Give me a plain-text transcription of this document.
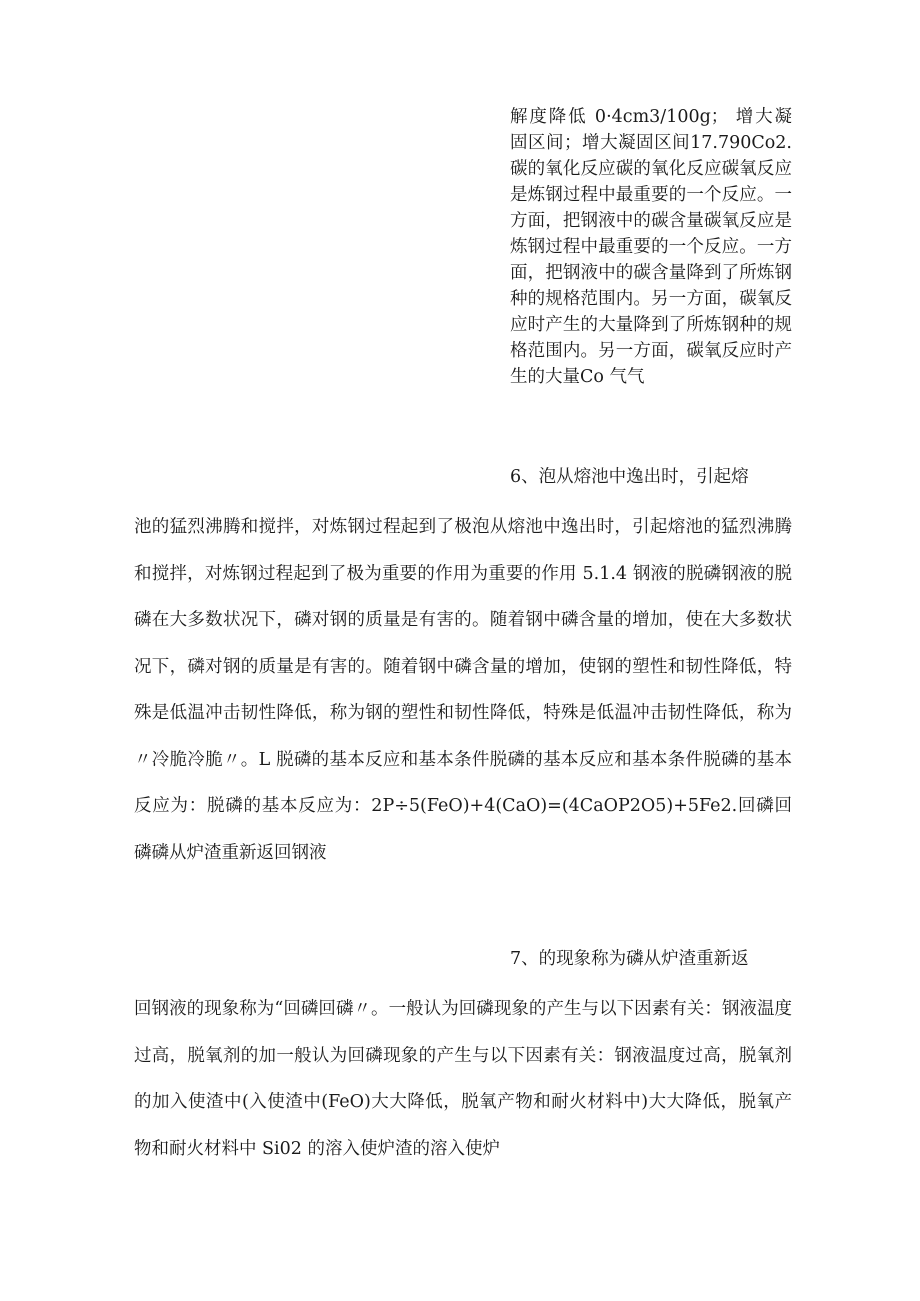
解度降低 0·4cm3/100g； 增大凝固区间；增大凝固区间17.790Co2. 碳的氧化反应碳的氧化反应碳氧反应是炼钢过程中最重要的一个反应。一方面，把钢液中的碳含量碳氧反应是炼钢过程中最重要的一个反应。一方面，把钢液中的碳含量降到了所炼钢种的规格范围内。另一方面，碳氧反应时产生的大量降到了所炼钢种的规格范围内。另一方面，碳氧反应时产生的大量Co 气气

6、泡从熔池中逸出时，引起熔

池的猛烈沸腾和搅拌，对炼钢过程起到了极泡从熔池中逸出时，引起熔池的猛烈沸腾和搅拌，对炼钢过程起到了极为重要的作用为重要的作用 5.1.4 钢液的脱磷钢液的脱磷在大多数状况下，磷对钢的质量是有害的。随着钢中磷含量的增加，使在大多数状况下，磷对钢的质量是有害的。随着钢中磷含量的增加，使钢的塑性和韧性降低，特殊是低温冲击韧性降低，称为钢的塑性和韧性降低，特殊是低温冲击韧性降低，称为〃冷脆冷脆〃。L 脱磷的基本反应和基本条件脱磷的基本反应和基本条件脱磷的基本反应为：脱磷的基本反应为：2P÷5(FeO)+4(CaO)=(4CaOP2O5)+5Fe2.回磷回磷磷从炉渣重新返回钢液

7、的现象称为磷从炉渣重新返

回钢液的现象称为“回磷回磷〃。一般认为回磷现象的产生与以下因素有关：钢液温度过高，脱氧剂的加一般认为回磷现象的产生与以下因素有关：钢液温度过高，脱氧剂的加入使渣中(入使渣中(FeO)大大降低，脱氧产物和耐火材料中)大大降低，脱氧产物和耐火材料中 Si02 的溶入使炉渣的溶入使炉
